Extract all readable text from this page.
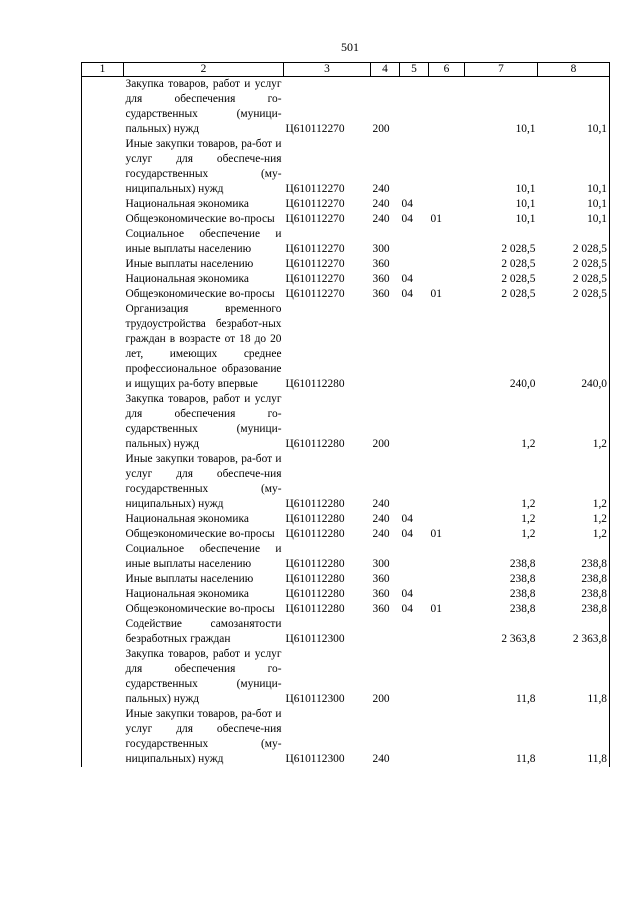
501
1	2	3	4	5	6	7	8
	Закупка товаров, работ и услуг для обеспечения го-сударственных (муници-пальных) нужд	Ц610112270	200			10,1	10,1
	Иные закупки товаров, ра-бот и услуг для обеспече-ния государственных (му-ниципальных) нужд	Ц610112270	240			10,1	10,1
	Национальная экономика	Ц610112270	240	04		10,1	10,1
	Общеэкономические во-просы	Ц610112270	240	04	01	10,1	10,1
	Социальное обеспечение и иные выплаты населению	Ц610112270	300			2 028,5	2 028,5
	Иные выплаты населению	Ц610112270	360			2 028,5	2 028,5
	Национальная экономика	Ц610112270	360	04		2 028,5	2 028,5
	Общеэкономические во-просы	Ц610112270	360	04	01	2 028,5	2 028,5
	Организация временного трудоустройства безработ-ных граждан в возрасте от 18 до 20 лет, имеющих среднее профессиональное образование и ищущих ра-боту впервые	Ц610112280				240,0	240,0
	Закупка товаров, работ и услуг для обеспечения го-сударственных (муници-пальных) нужд	Ц610112280	200			1,2	1,2
	Иные закупки товаров, ра-бот и услуг для обеспече-ния государственных (му-ниципальных) нужд	Ц610112280	240			1,2	1,2
	Национальная экономика	Ц610112280	240	04		1,2	1,2
	Общеэкономические во-просы	Ц610112280	240	04	01	1,2	1,2
	Социальное обеспечение и иные выплаты населению	Ц610112280	300			238,8	238,8
	Иные выплаты населению	Ц610112280	360			238,8	238,8
	Национальная экономика	Ц610112280	360	04		238,8	238,8
	Общеэкономические во-просы	Ц610112280	360	04	01	238,8	238,8
	Содействие самозанятости безработных граждан	Ц610112300				2 363,8	2 363,8
	Закупка товаров, работ и услуг для обеспечения го-сударственных (муници-пальных) нужд	Ц610112300	200			11,8	11,8
	Иные закупки товаров, ра-бот и услуг для обеспече-ния государственных (му-ниципальных) нужд	Ц610112300	240			11,8	11,8
